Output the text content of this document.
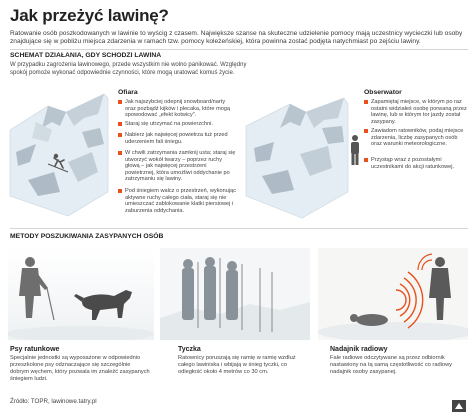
Jak przeżyć lawinę?
Ratowanie osób poszkodowanych w lawinie to wyścig z czasem. Największe szanse na skuteczne udzielenie pomocy mają uczestnicy wycieczki lub osoby znajdujące się w pobliżu miejsca zdarzenia w ramach tzw. pomocy koleżeńskiej, która powinna zostać podjęta natychmiast po zejściu lawiny.
SCHEMAT DZIAŁANIA, GDY SCHODZI LAWINA
W przypadku zagrożenia lawinowego, przede wszystkim nie wolno panikować. Względny spokój pomoże wykonać odpowiednie czynności, które mogą uratować komuś życie.
Ofiara
Jak najszybciej odepnij snowboard/narty oraz pozbądź kijków i plecaka, które mogą spowodować „efekt kotwicy”.
Staraj się utrzymać na powierzchni.
Nabierz jak najwięcej powietrza tuż przed uderzeniem fali śniegu.
W chwili zatrzymania zamknij usta; staraj się utworzyć wokół twarzy – poprzez ruchy głową – jak najwięcej przestrzeni powietrznej, która umożliwi oddychanie po zatrzymaniu się lawiny.
Pod śniegiem walcz o przestrzeń, wykonując aktywne ruchy całego ciała, staraj się nie umieszczać zablokowanie klatki piersiowej i zaburzenia oddychania.
Obserwator
Zapamiętaj miejsce, w którym po raz ostatni widziałeś osobę porwaną przez lawinę, lub w którym tor jazdy został zasypany.
Zawiadom ratowników, podaj miejsce zdarzenia, liczbę zasypanych osób oraz warunki meteorologiczne.
Przystąp wraz z pozostałymi uczestnikami do akcji ratunkowej.
METODY POSZUKIWANIA ZASYPANYCH OSÓB
Psy ratunkowe
Specjalnie jednostki są wyposażone w odpowiednio przeszkolone psy odznaczające się szczególnie dobrym węchem, który pozwala im znaleźć zasypanych śniegiem ludzi.
Tyczka
Ratownicy poruszają się ramię w ramię wzdłuż całego lawiniska i wbijają w śnieg tyczki, co odległość około 4 metrów co 30 cm.
Nadajnik radiowy
Fale radiowe odczytywane są przez odbiornik nastawiony na tą samą częstotliwość co radiowy nadajnik osoby zasypanej.
Źródło: TOPR, lawinowe.tatry.pl
